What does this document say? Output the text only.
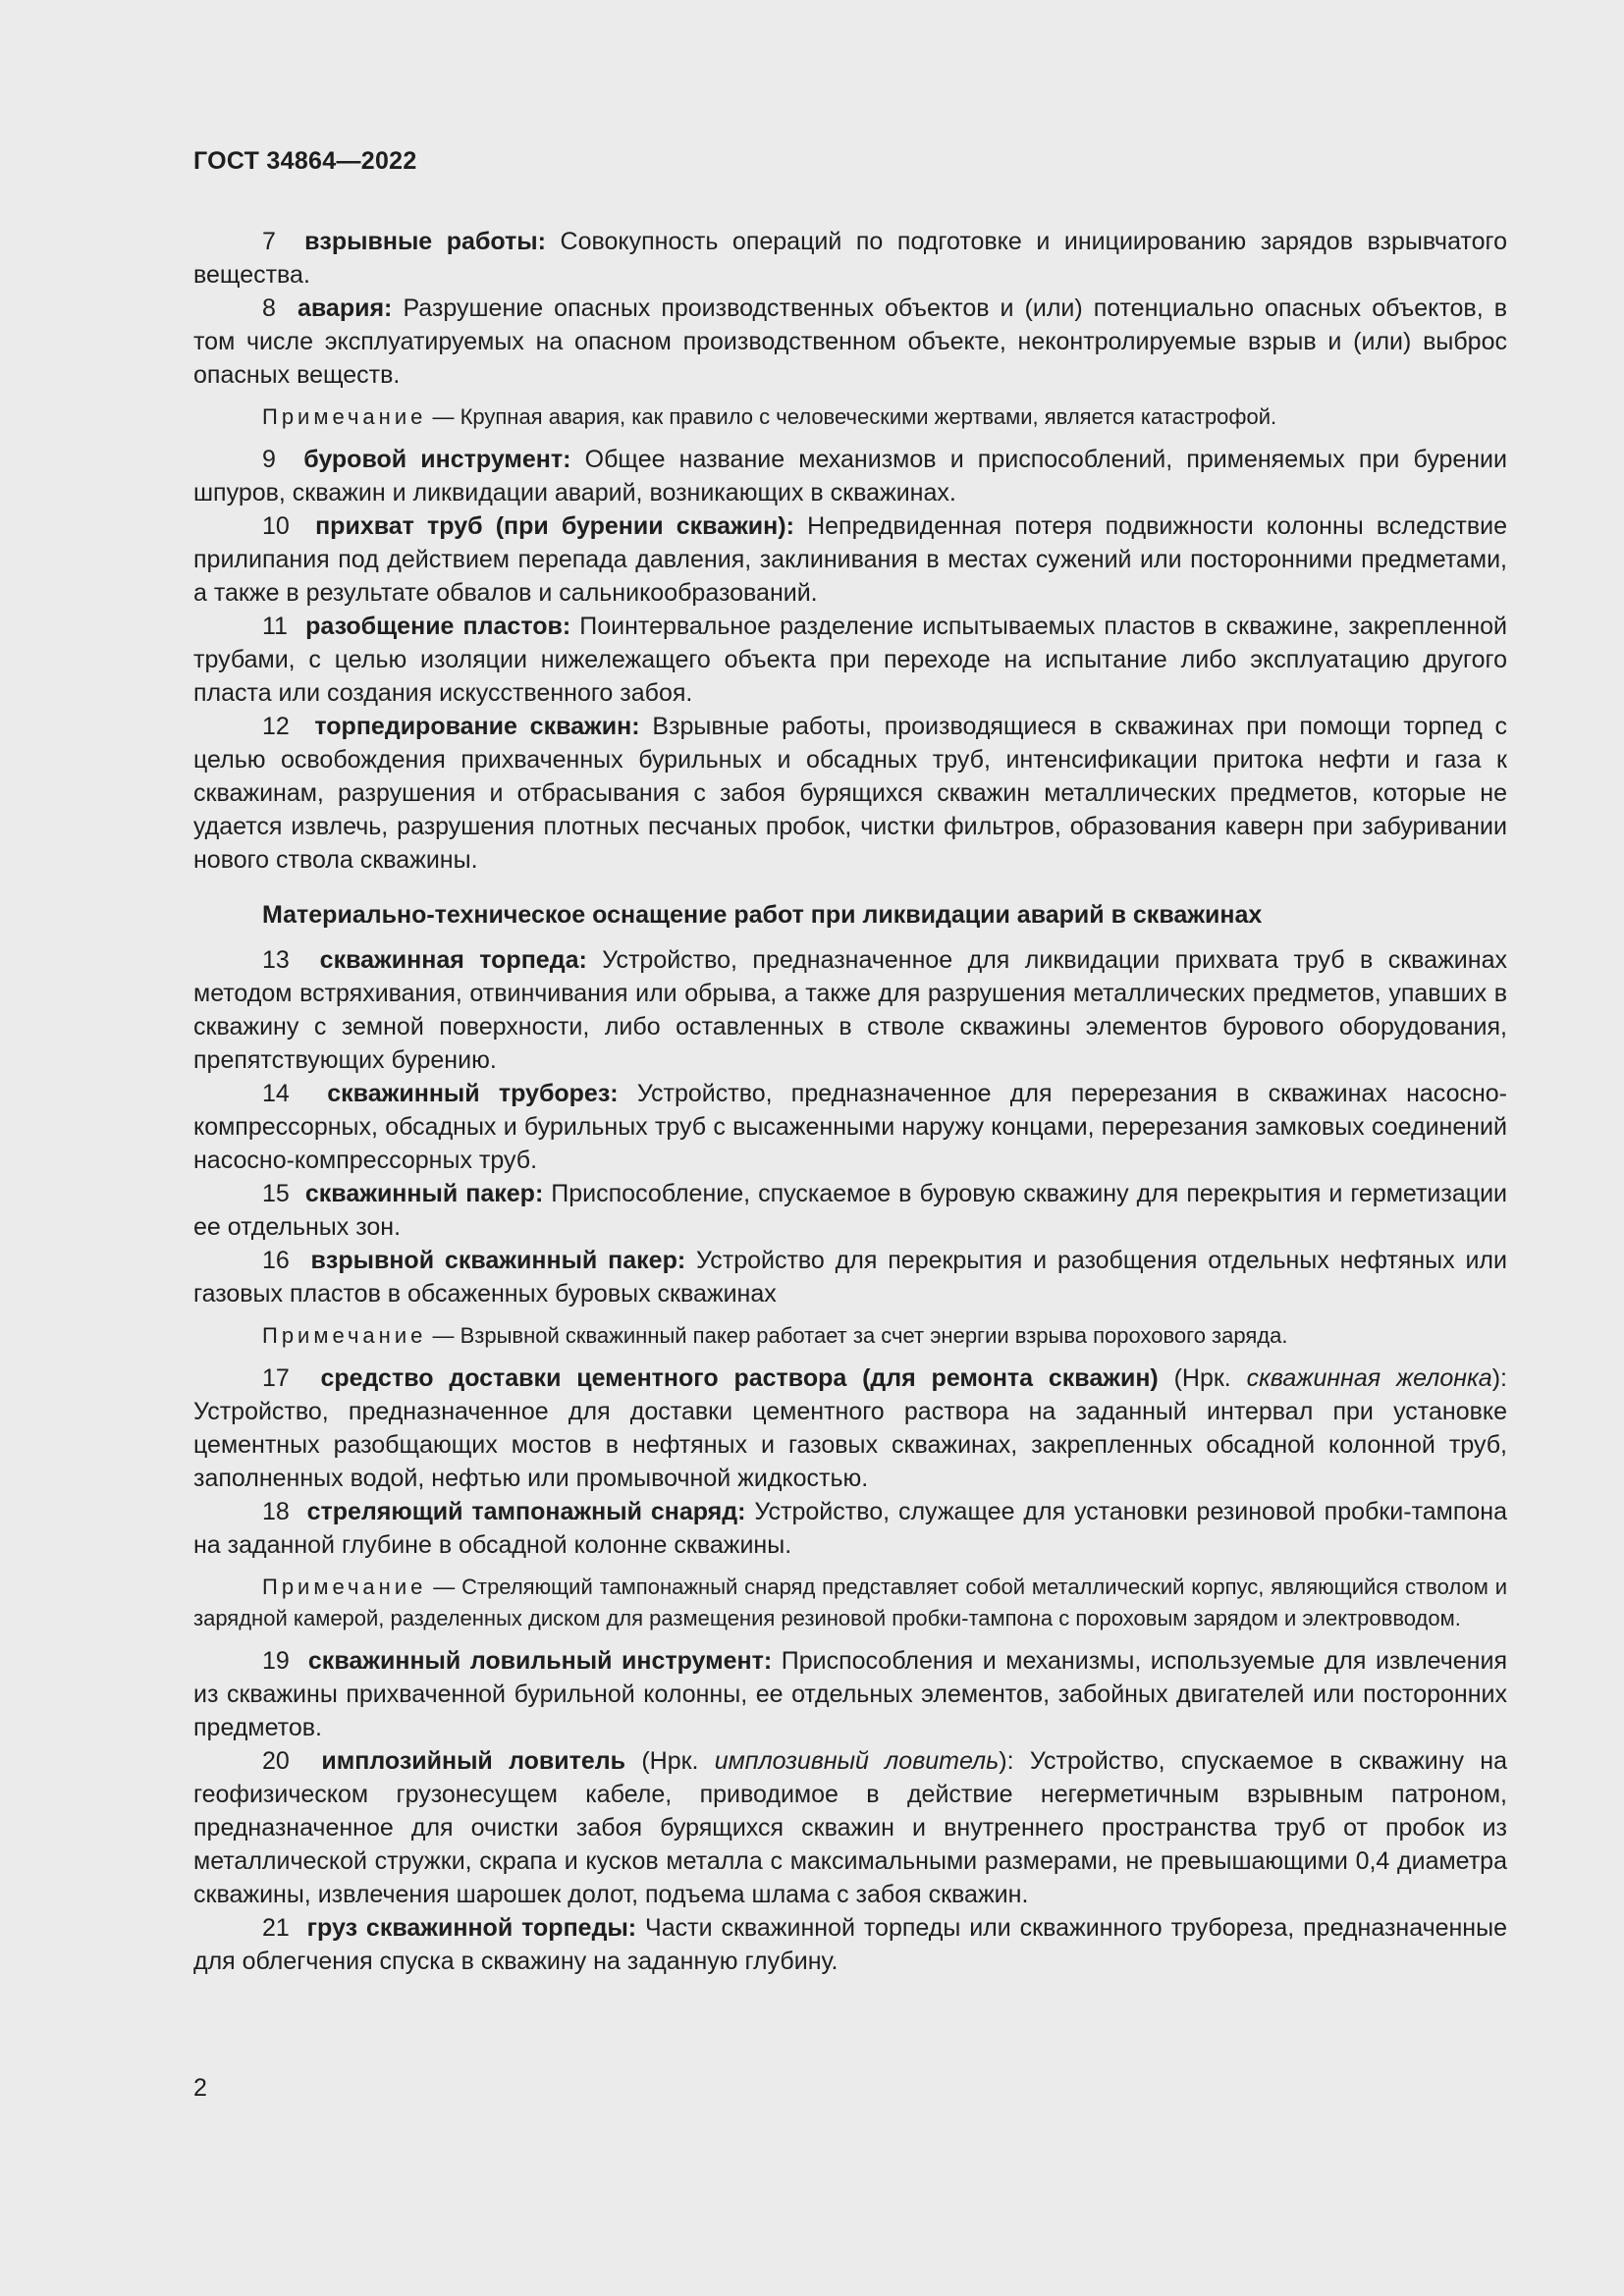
ГОСТ 34864—2022

7 взрывные работы: Совокупность операций по подготовке и инициированию зарядов взрывчатого вещества.

8 авария: Разрушение опасных производственных объектов и (или) потенциально опасных объектов, в том числе эксплуатируемых на опасном производственном объекте, неконтролируемые взрыв и (или) выброс опасных веществ.

Примечание — Крупная авария, как правило с человеческими жертвами, является катастрофой.

9 буровой инструмент: Общее название механизмов и приспособлений, применяемых при бурении шпуров, скважин и ликвидации аварий, возникающих в скважинах.

10 прихват труб (при бурении скважин): Непредвиденная потеря подвижности колонны вследствие прилипания под действием перепада давления, заклинивания в местах сужений или посторонними предметами, а также в результате обвалов и сальникообразований.

11 разобщение пластов: Поинтервальное разделение испытываемых пластов в скважине, закрепленной трубами, с целью изоляции нижележащего объекта при переходе на испытание либо эксплуатацию другого пласта или создания искусственного забоя.

12 торпедирование скважин: Взрывные работы, производящиеся в скважинах при помощи торпед с целью освобождения прихваченных бурильных и обсадных труб, интенсификации притока нефти и газа к скважинам, разрушения и отбрасывания с забоя бурящихся скважин металлических предметов, которые не удается извлечь, разрушения плотных песчаных пробок, чистки фильтров, образования каверн при забуривании нового ствола скважины.

Материально-техническое оснащение работ при ликвидации аварий в скважинах

13 скважинная торпеда: Устройство, предназначенное для ликвидации прихвата труб в скважинах методом встряхивания, отвинчивания или обрыва, а также для разрушения металлических предметов, упавших в скважину с земной поверхности, либо оставленных в стволе скважины элементов бурового оборудования, препятствующих бурению.

14 скважинный труборез: Устройство, предназначенное для перерезания в скважинах насосно-компрессорных, обсадных и бурильных труб с высаженными наружу концами, перерезания замковых соединений насосно-компрессорных труб.

15 скважинный пакер: Приспособление, спускаемое в буровую скважину для перекрытия и герметизации ее отдельных зон.

16 взрывной скважинный пакер: Устройство для перекрытия и разобщения отдельных нефтяных или газовых пластов в обсаженных буровых скважинах

Примечание — Взрывной скважинный пакер работает за счет энергии взрыва порохового заряда.

17 средство доставки цементного раствора (для ремонта скважин) (Нрк. скважинная желонка): Устройство, предназначенное для доставки цементного раствора на заданный интервал при установке цементных разобщающих мостов в нефтяных и газовых скважинах, закрепленных обсадной колонной труб, заполненных водой, нефтью или промывочной жидкостью.

18 стреляющий тампонажный снаряд: Устройство, служащее для установки резиновой пробки-тампона на заданной глубине в обсадной колонне скважины.

Примечание — Стреляющий тампонажный снаряд представляет собой металлический корпус, являющийся стволом и зарядной камерой, разделенных диском для размещения резиновой пробки-тампона с пороховым зарядом и электровводом.

19 скважинный ловильный инструмент: Приспособления и механизмы, используемые для извлечения из скважины прихваченной бурильной колонны, ее отдельных элементов, забойных двигателей или посторонних предметов.

20 имплозийный ловитель (Нрк. имплозивный ловитель): Устройство, спускаемое в скважину на геофизическом грузонесущем кабеле, приводимое в действие негерметичным взрывным патроном, предназначенное для очистки забоя бурящихся скважин и внутреннего пространства труб от пробок из металлической стружки, скрапа и кусков металла с максимальными размерами, не превышающими 0,4 диаметра скважины, извлечения шарошек долот, подъема шлама с забоя скважин.

21 груз скважинной торпеды: Части скважинной торпеды или скважинного трубореза, предназначенные для облегчения спуска в скважину на заданную глубину.

2
